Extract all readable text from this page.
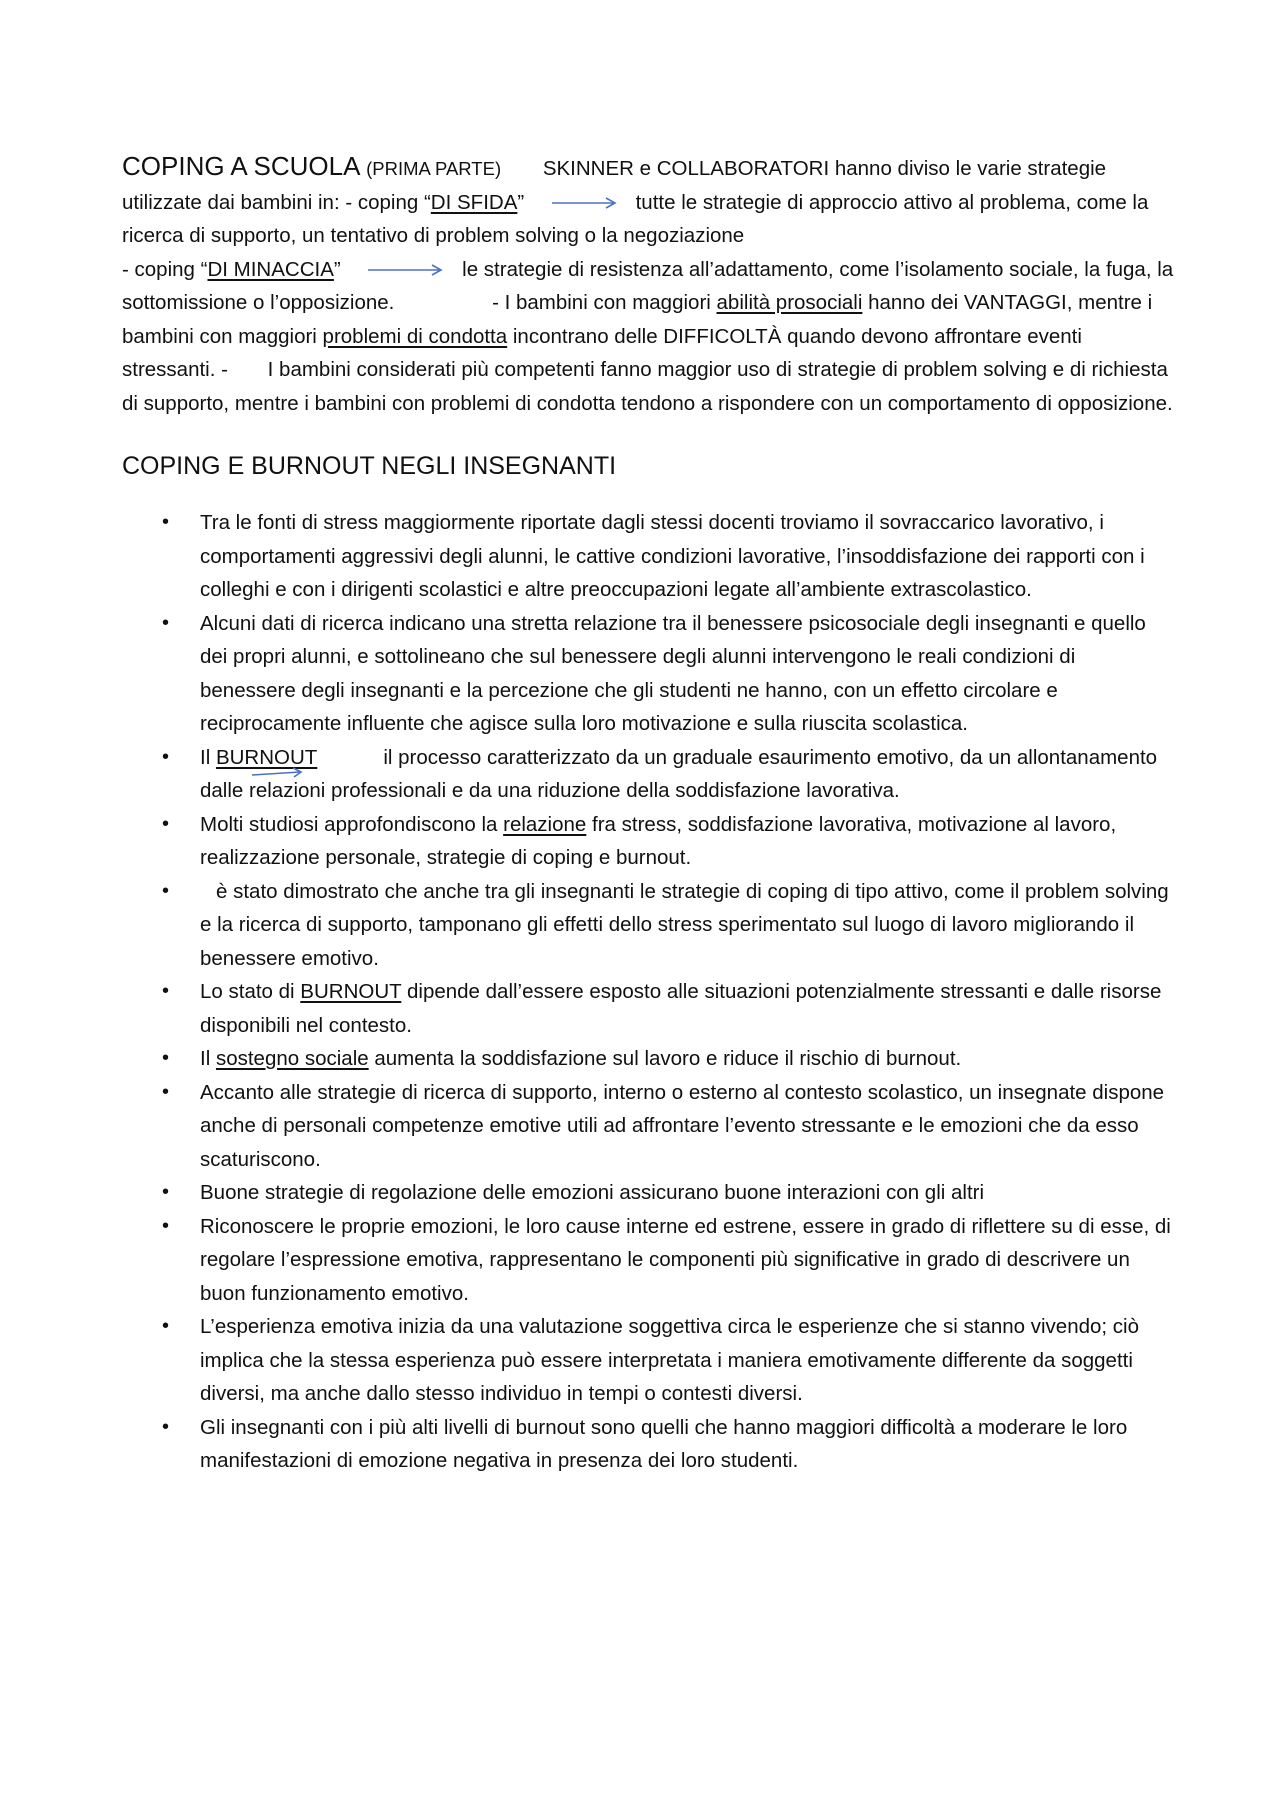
COPING A SCUOLA (PRIMA PARTE) SKINNER e COLLABORATORI hanno diviso le varie strategie utilizzate dai bambini in: - coping “DI SFIDA”	tutte le strategie di approccio attivo al problema, come la ricerca di supporto, un tentativo di problem solving o la negoziazione
- coping “DI MINACCIA”	le strategie di resistenza all’adattamento, come l’isolamento sociale, la fuga, la sottomissione o l’opposizione.	- I bambini con maggiori abilità prosociali hanno dei VANTAGGI, mentre i bambini con maggiori problemi di condotta incontrano delle DIFFICOLTÀ quando devono affrontare eventi stressanti. - I bambini considerati più competenti fanno maggior uso di strategie di problem solving e di richiesta di supporto, mentre i bambini con problemi di condotta tendono a rispondere con un comportamento di opposizione.

COPING E BURNOUT NEGLI INSEGNANTI
• Tra le fonti di stress maggiormente riportate dagli stessi docenti troviamo il sovraccarico lavorativo, i comportamenti aggressivi degli alunni, le cattive condizioni lavorative, l’insoddisfazione dei rapporti con i colleghi e con i dirigenti scolastici e altre preoccupazioni legate all’ambiente extrascolastico.
• Alcuni dati di ricerca indicano una stretta relazione tra il benessere psicosociale degli insegnanti e quello dei propri alunni, e sottolineano che sul benessere degli alunni intervengono le reali condizioni di benessere degli insegnanti e la percezione che gli studenti ne hanno, con un effetto circolare e reciprocamente influente che agisce sulla loro motivazione e sulla riuscita scolastica.
• Il BURNOUT	il processo caratterizzato da un graduale esaurimento emotivo, da un allontanamento dalle relazioni professionali e da una riduzione della soddisfazione lavorativa.
• Molti studiosi approfondiscono la relazione fra stress, soddisfazione lavorativa, motivazione al lavoro, realizzazione personale, strategie di coping e burnout.
• è stato dimostrato che anche tra gli insegnanti le strategie di coping di tipo attivo, come il problem solving e la ricerca di supporto, tamponano gli effetti dello stress sperimentato sul luogo di lavoro migliorando il benessere emotivo.
• Lo stato di BURNOUT dipende dall’essere esposto alle situazioni potenzialmente stressanti e dalle risorse disponibili nel contesto.
• Il sostegno sociale aumenta la soddisfazione sul lavoro e riduce il rischio di burnout.
• Accanto alle strategie di ricerca di supporto, interno o esterno al contesto scolastico, un insegnate dispone anche di personali competenze emotive utili ad affrontare l’evento stressante e le emozioni che da esso scaturiscono.
• Buone strategie di regolazione delle emozioni assicurano buone interazioni con gli altri
• Riconoscere le proprie emozioni, le loro cause interne ed estrene, essere in grado di riflettere su di esse, di regolare l’espressione emotiva, rappresentano le componenti più significative in grado di descrivere un buon funzionamento emotivo.
• L’esperienza emotiva inizia da una valutazione soggettiva circa le esperienze che si stanno vivendo; ciò implica che la stessa esperienza può essere interpretata i maniera emotivamente differente da soggetti diversi, ma anche dallo stesso individuo in tempi o contesti diversi.
• Gli insegnanti con i più alti livelli di burnout sono quelli che hanno maggiori difficoltà a moderare le loro manifestazioni di emozione negativa in presenza dei loro studenti.
